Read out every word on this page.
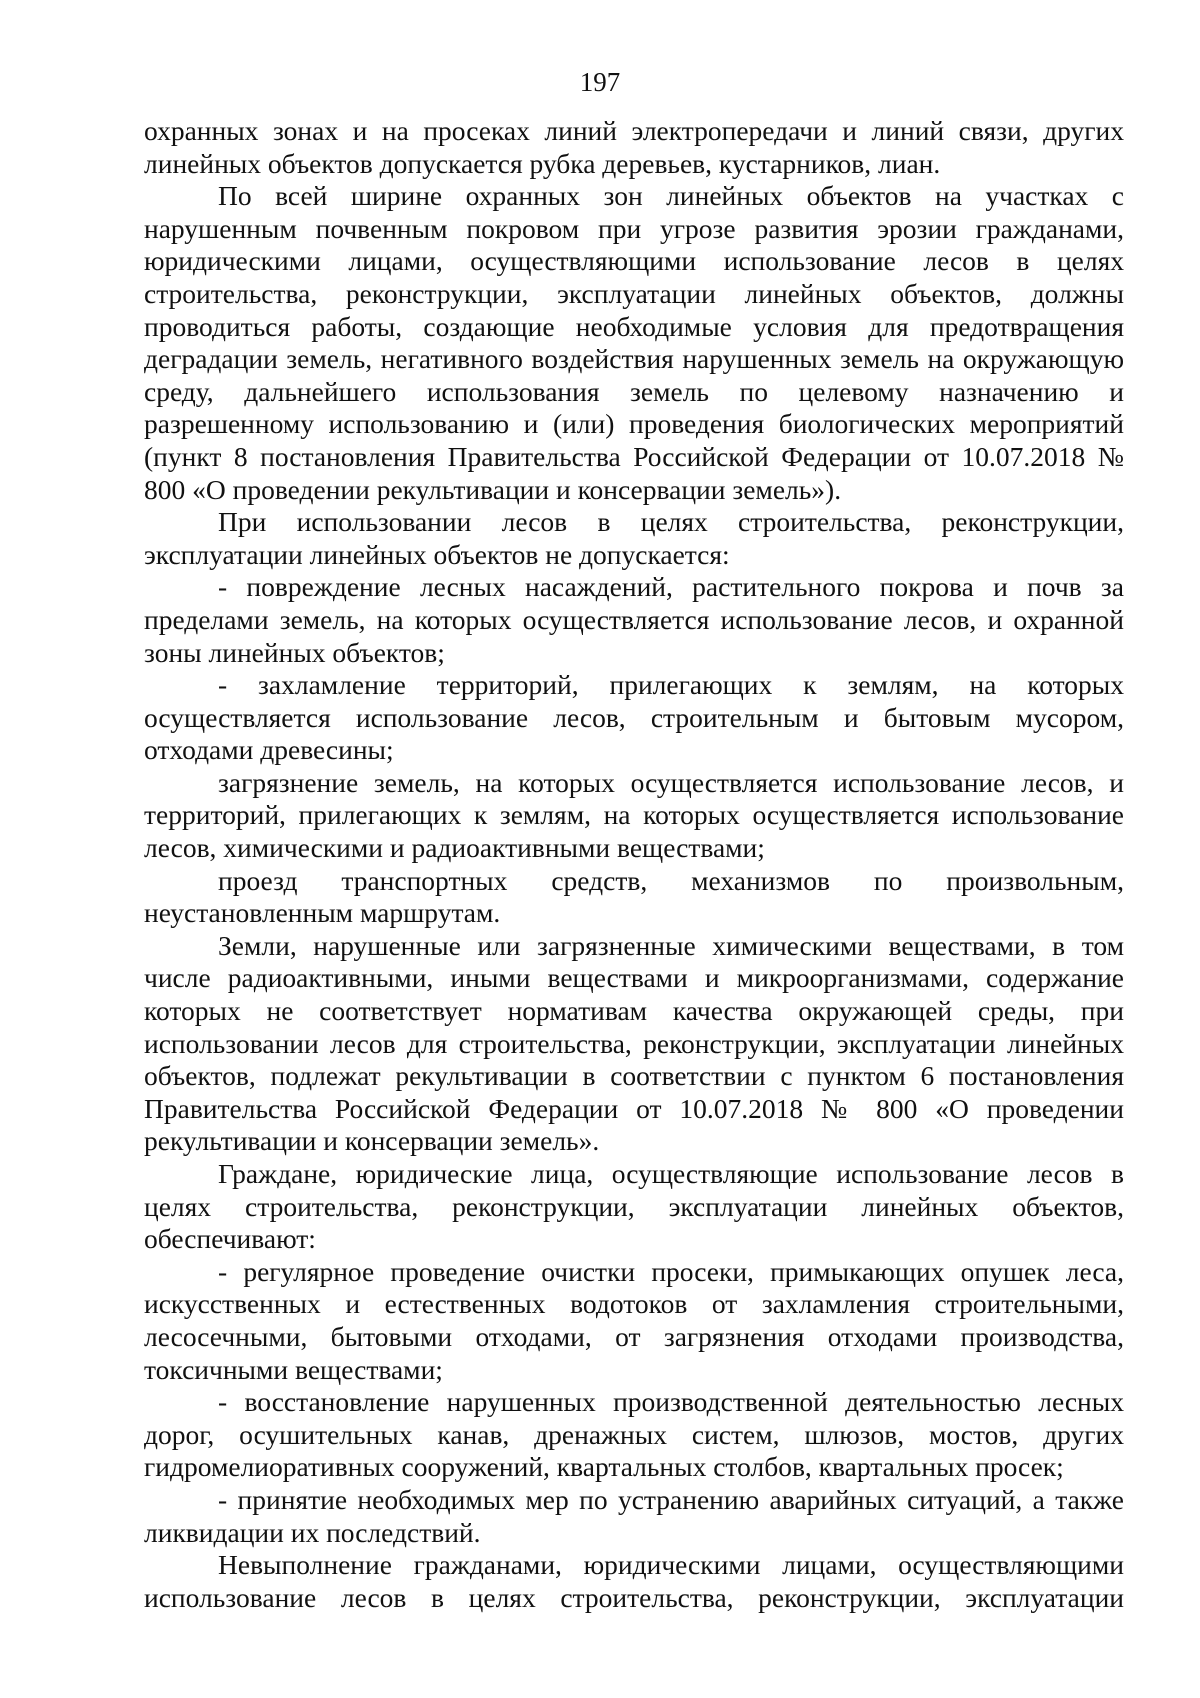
197

охранных зонах и на просеках линий электропередачи и линий связи, других линейных объектов допускается рубка деревьев, кустарников, лиан.

По всей ширине охранных зон линейных объектов на участках с нарушенным почвенным покровом при угрозе развития эрозии гражданами, юридическими лицами, осуществляющими использование лесов в целях строительства, реконструкции, эксплуатации линейных объектов, должны проводиться работы, создающие необходимые условия для предотвращения деградации земель, негативного воздействия нарушенных земель на окружающую среду, дальнейшего использования земель по целевому назначению и разрешенному использованию и (или) проведения биологических мероприятий (пункт 8 постановления Правительства Российской Федерации от 10.07.2018 № 800 «О проведении рекультивации и консервации земель»).

При использовании лесов в целях строительства, реконструкции, эксплуатации линейных объектов не допускается:

- повреждение лесных насаждений, растительного покрова и почв за пределами земель, на которых осуществляется использование лесов, и охранной зоны линейных объектов;

- захламление территорий, прилегающих к землям, на которых осуществляется использование лесов, строительным и бытовым мусором, отходами древесины;

загрязнение земель, на которых осуществляется использование лесов, и территорий, прилегающих к землям, на которых осуществляется использование лесов, химическими и радиоактивными веществами;

проезд транспортных средств, механизмов по произвольным, неустановленным маршрутам.

Земли, нарушенные или загрязненные химическими веществами, в том числе радиоактивными, иными веществами и микроорганизмами, содержание которых не соответствует нормативам качества окружающей среды, при использовании лесов для строительства, реконструкции, эксплуатации линейных объектов, подлежат рекультивации в соответствии с пунктом 6 постановления Правительства Российской Федерации от 10.07.2018 № 800 «О проведении рекультивации и консервации земель».

Граждане, юридические лица, осуществляющие использование лесов в целях строительства, реконструкции, эксплуатации линейных объектов, обеспечивают:

- регулярное проведение очистки просеки, примыкающих опушек леса, искусственных и естественных водотоков от захламления строительными, лесосечными, бытовыми отходами, от загрязнения отходами производства, токсичными веществами;

- восстановление нарушенных производственной деятельностью лесных дорог, осушительных канав, дренажных систем, шлюзов, мостов, других гидромелиоративных сооружений, квартальных столбов, квартальных просек;

- принятие необходимых мер по устранению аварийных ситуаций, а также ликвидации их последствий.

Невыполнение гражданами, юридическими лицами, осуществляющими использование лесов в целях строительства, реконструкции, эксплуатации
